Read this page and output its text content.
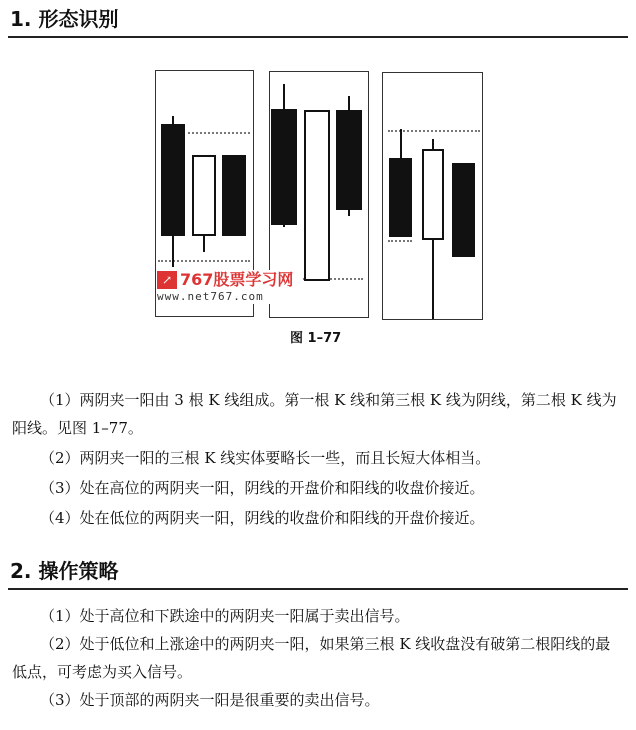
1. 形态识别
↗ 767股票学习网
www.net767.com
图 1–77

（1）两阴夹一阳由 3 根 K 线组成。第一根 K 线和第三根 K 线为阴线，第二根 K 线为阳线。见图 1–77。

（2）两阴夹一阳的三根 K 线实体要略长一些，而且长短大体相当。

（3）处在高位的两阴夹一阳，阴线的开盘价和阳线的收盘价接近。

（4）处在低位的两阴夹一阳，阴线的收盘价和阳线的开盘价接近。

2. 操作策略

（1）处于高位和下跌途中的两阴夹一阳属于卖出信号。

（2）处于低位和上涨途中的两阴夹一阳，如果第三根 K 线收盘没有破第二根阳线的最低点，可考虑为买入信号。

（3）处于顶部的两阴夹一阳是很重要的卖出信号。
